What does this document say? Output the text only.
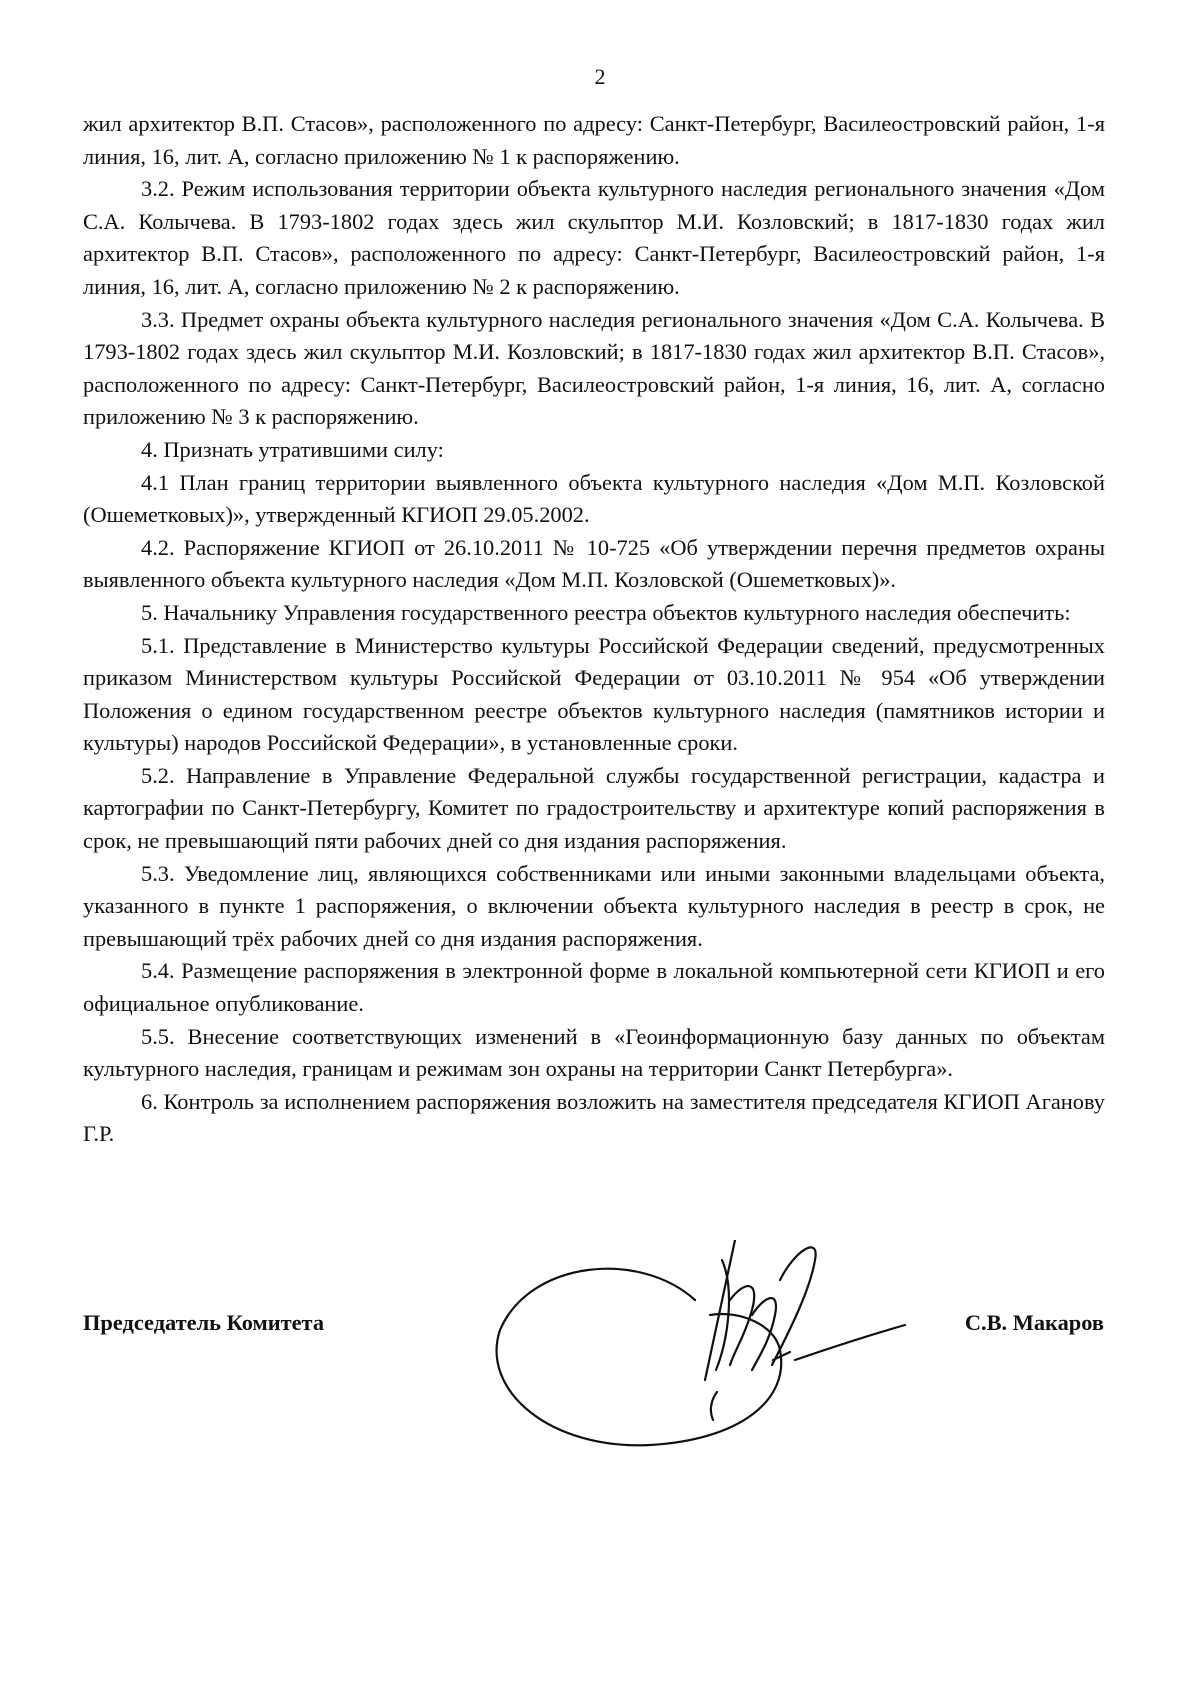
2

жил архитектор В.П. Стасов», расположенного по адресу: Санкт-Петербург, Василеостровский район, 1-я линия, 16, лит. А, согласно приложению № 1 к распоряжению.

3.2. Режим использования территории объекта культурного наследия регионального значения «Дом С.А. Колычева. В 1793-1802 годах здесь жил скульптор М.И. Козловский; в 1817-1830 годах жил архитектор В.П. Стасов», расположенного по адресу: Санкт-Петербург, Василеостровский район, 1-я линия, 16, лит. А, согласно приложению № 2 к распоряжению.

3.3. Предмет охраны объекта культурного наследия регионального значения «Дом С.А. Колычева. В 1793-1802 годах здесь жил скульптор М.И. Козловский; в 1817-1830 годах жил архитектор В.П. Стасов», расположенного по адресу: Санкт-Петербург, Василеостровский район, 1-я линия, 16, лит. А, согласно приложению № 3 к распоряжению.

4. Признать утратившими силу:

4.1 План границ территории выявленного объекта культурного наследия «Дом М.П. Козловской (Ошеметковых)», утвержденный КГИОП 29.05.2002.

4.2. Распоряжение КГИОП от 26.10.2011 № 10-725 «Об утверждении перечня предметов охраны выявленного объекта культурного наследия «Дом М.П. Козловской (Ошеметковых)».

5. Начальнику Управления государственного реестра объектов культурного наследия обеспечить:

5.1. Представление в Министерство культуры Российской Федерации сведений, предусмотренных приказом Министерством культуры Российской Федерации от 03.10.2011 № 954 «Об утверждении Положения о едином государственном реестре объектов культурного наследия (памятников истории и культуры) народов Российской Федерации», в установленные сроки.

5.2. Направление в Управление Федеральной службы государственной регистрации, кадастра и картографии по Санкт-Петербургу, Комитет по градостроительству и архитектуре копий распоряжения в срок, не превышающий пяти рабочих дней со дня издания распоряжения.

5.3. Уведомление лиц, являющихся собственниками или иными законными владельцами объекта, указанного в пункте 1 распоряжения, о включении объекта культурного наследия в реестр в срок, не превышающий трёх рабочих дней со дня издания распоряжения.

5.4. Размещение распоряжения в электронной форме в локальной компьютерной сети КГИОП и его официальное опубликование.

5.5. Внесение соответствующих изменений в «Геоинформационную базу данных по объектам культурного наследия, границам и режимам зон охраны на территории Санкт Петербурга».

6. Контроль за исполнением распоряжения возложить на заместителя председателя КГИОП Аганову Г.Р.

Председатель Комитета	С.В. Макаров
